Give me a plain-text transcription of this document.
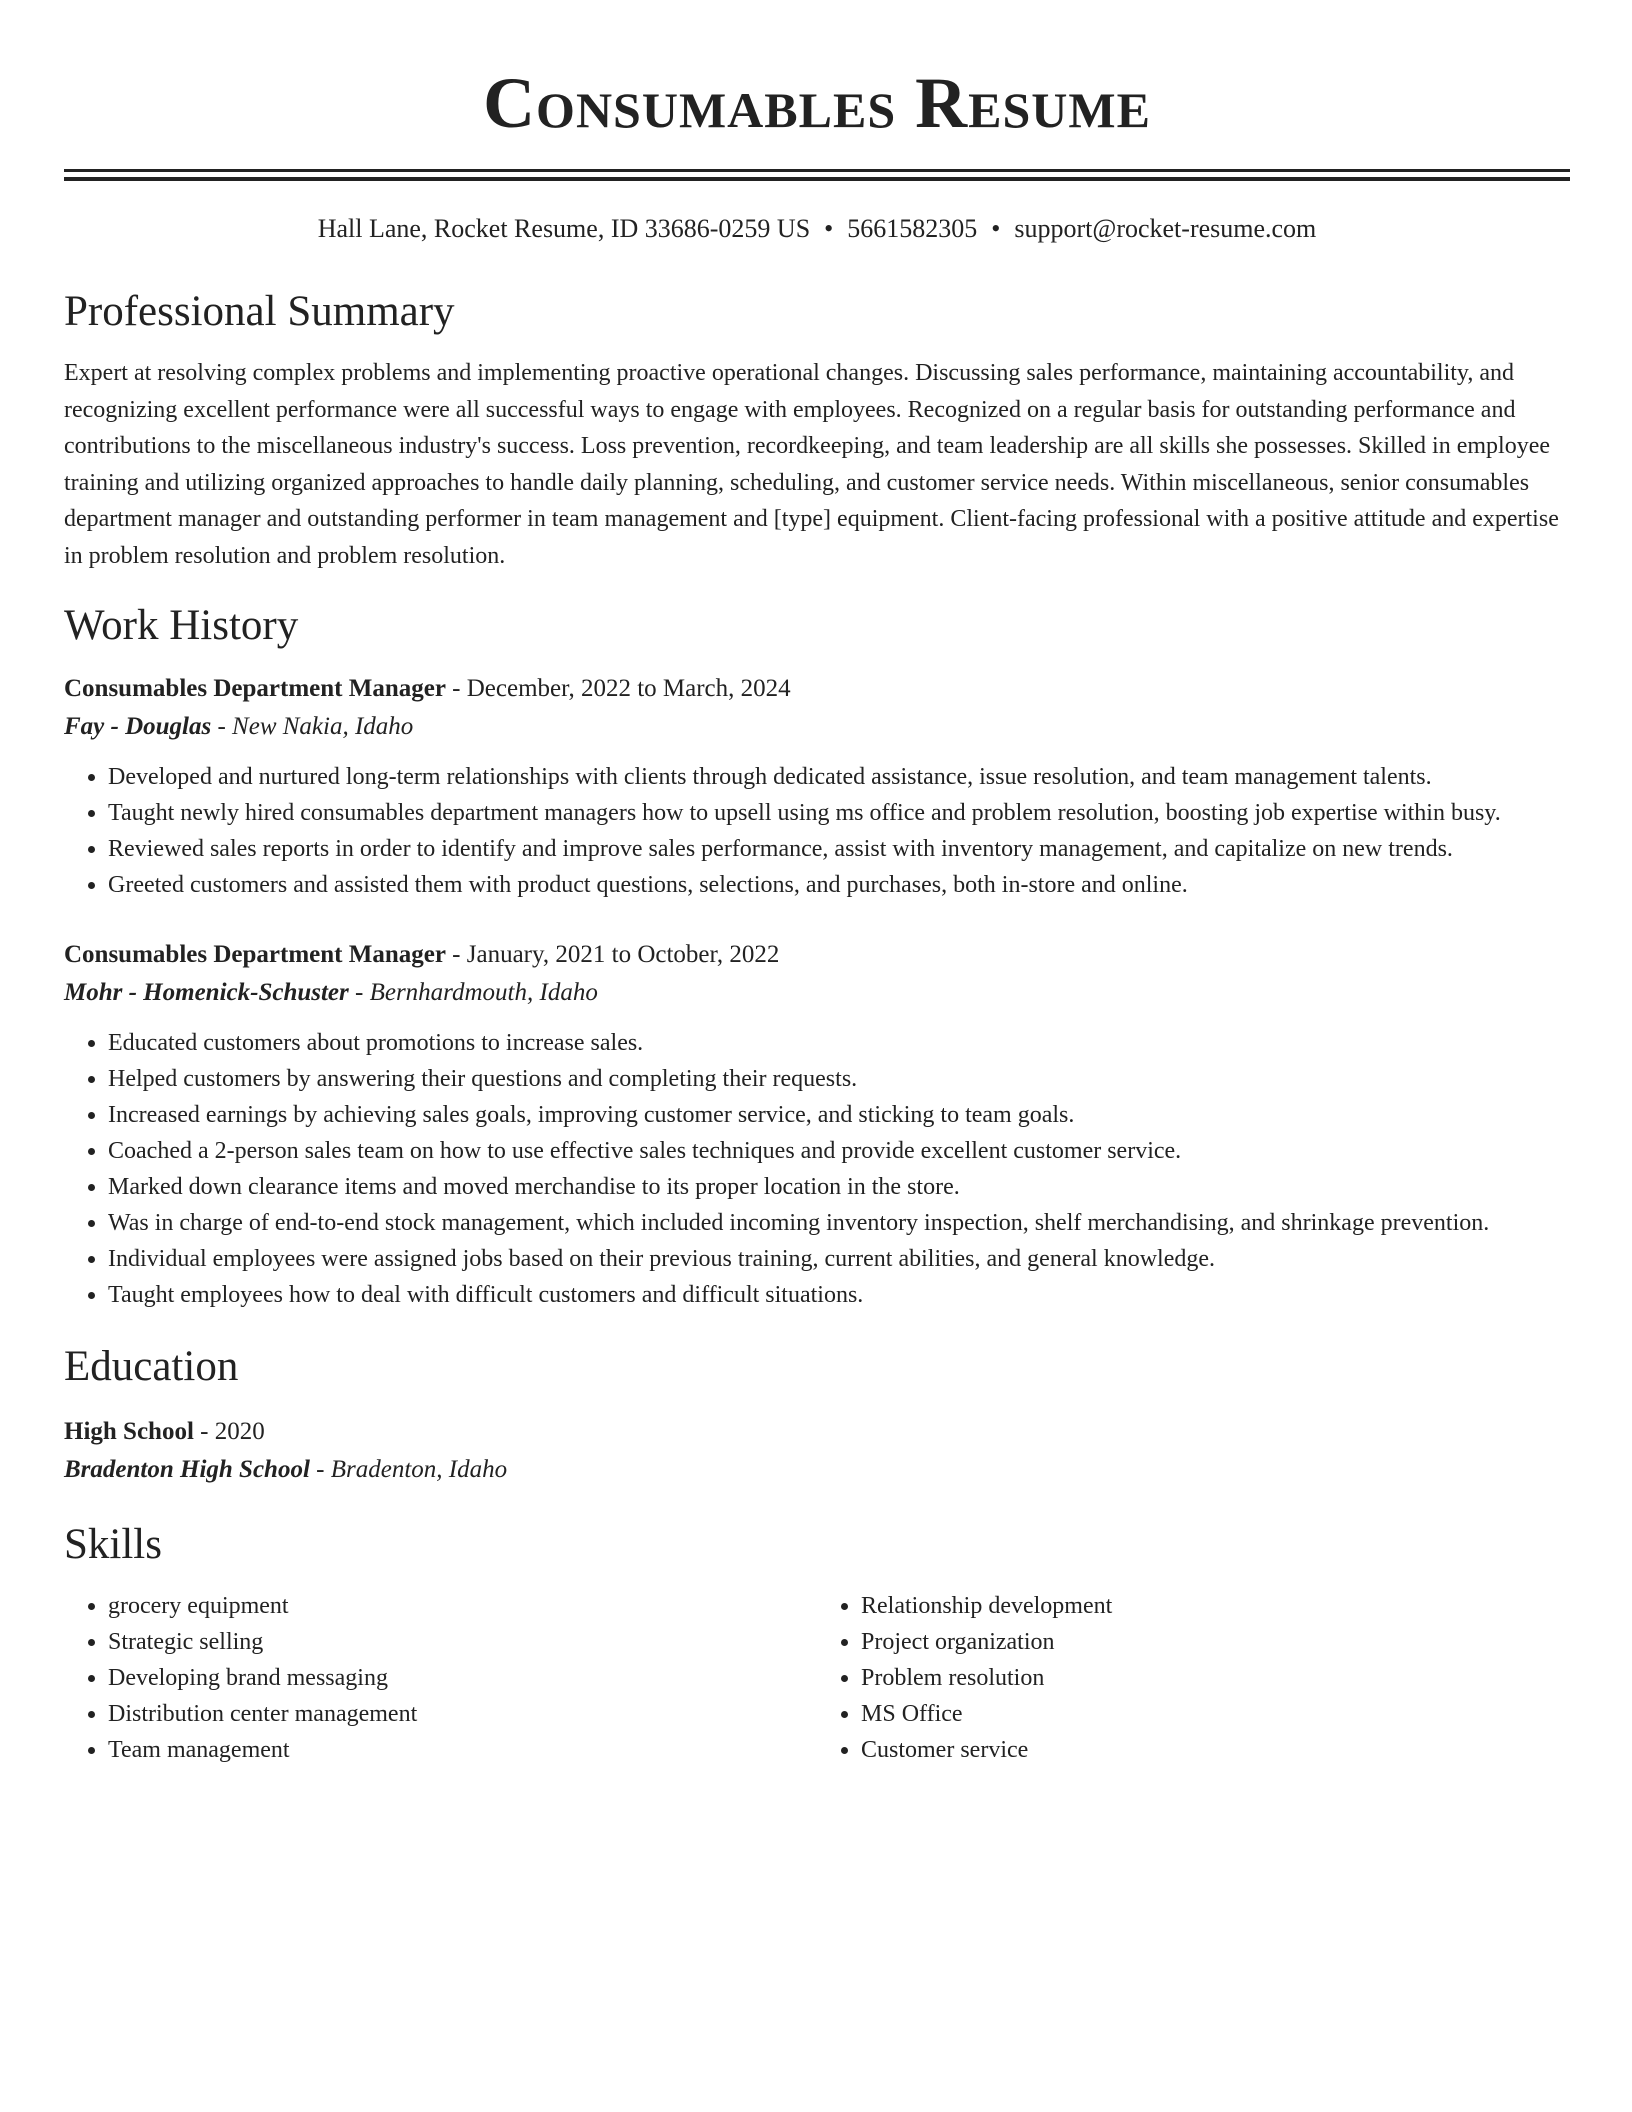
Consumables Resume
Hall Lane, Rocket Resume, ID 33686-0259 US • 5661582305 • support@rocket-resume.com
Professional Summary
Expert at resolving complex problems and implementing proactive operational changes. Discussing sales performance, maintaining accountability, and recognizing excellent performance were all successful ways to engage with employees. Recognized on a regular basis for outstanding performance and contributions to the miscellaneous industry's success. Loss prevention, recordkeeping, and team leadership are all skills she possesses. Skilled in employee training and utilizing organized approaches to handle daily planning, scheduling, and customer service needs. Within miscellaneous, senior consumables department manager and outstanding performer in team management and [type] equipment. Client-facing professional with a positive attitude and expertise in problem resolution and problem resolution.
Work History
Consumables Department Manager - December, 2022 to March, 2024
Fay - Douglas - New Nakia, Idaho
• Developed and nurtured long-term relationships with clients through dedicated assistance, issue resolution, and team management talents.
• Taught newly hired consumables department managers how to upsell using ms office and problem resolution, boosting job expertise within busy.
• Reviewed sales reports in order to identify and improve sales performance, assist with inventory management, and capitalize on new trends.
• Greeted customers and assisted them with product questions, selections, and purchases, both in-store and online.
Consumables Department Manager - January, 2021 to October, 2022
Mohr - Homenick-Schuster - Bernhardmouth, Idaho
• Educated customers about promotions to increase sales.
• Helped customers by answering their questions and completing their requests.
• Increased earnings by achieving sales goals, improving customer service, and sticking to team goals.
• Coached a 2-person sales team on how to use effective sales techniques and provide excellent customer service.
• Marked down clearance items and moved merchandise to its proper location in the store.
• Was in charge of end-to-end stock management, which included incoming inventory inspection, shelf merchandising, and shrinkage prevention.
• Individual employees were assigned jobs based on their previous training, current abilities, and general knowledge.
• Taught employees how to deal with difficult customers and difficult situations.
Education
High School - 2020
Bradenton High School - Bradenton, Idaho
Skills
• grocery equipment
• Strategic selling
• Developing brand messaging
• Distribution center management
• Team management
• Relationship development
• Project organization
• Problem resolution
• MS Office
• Customer service
